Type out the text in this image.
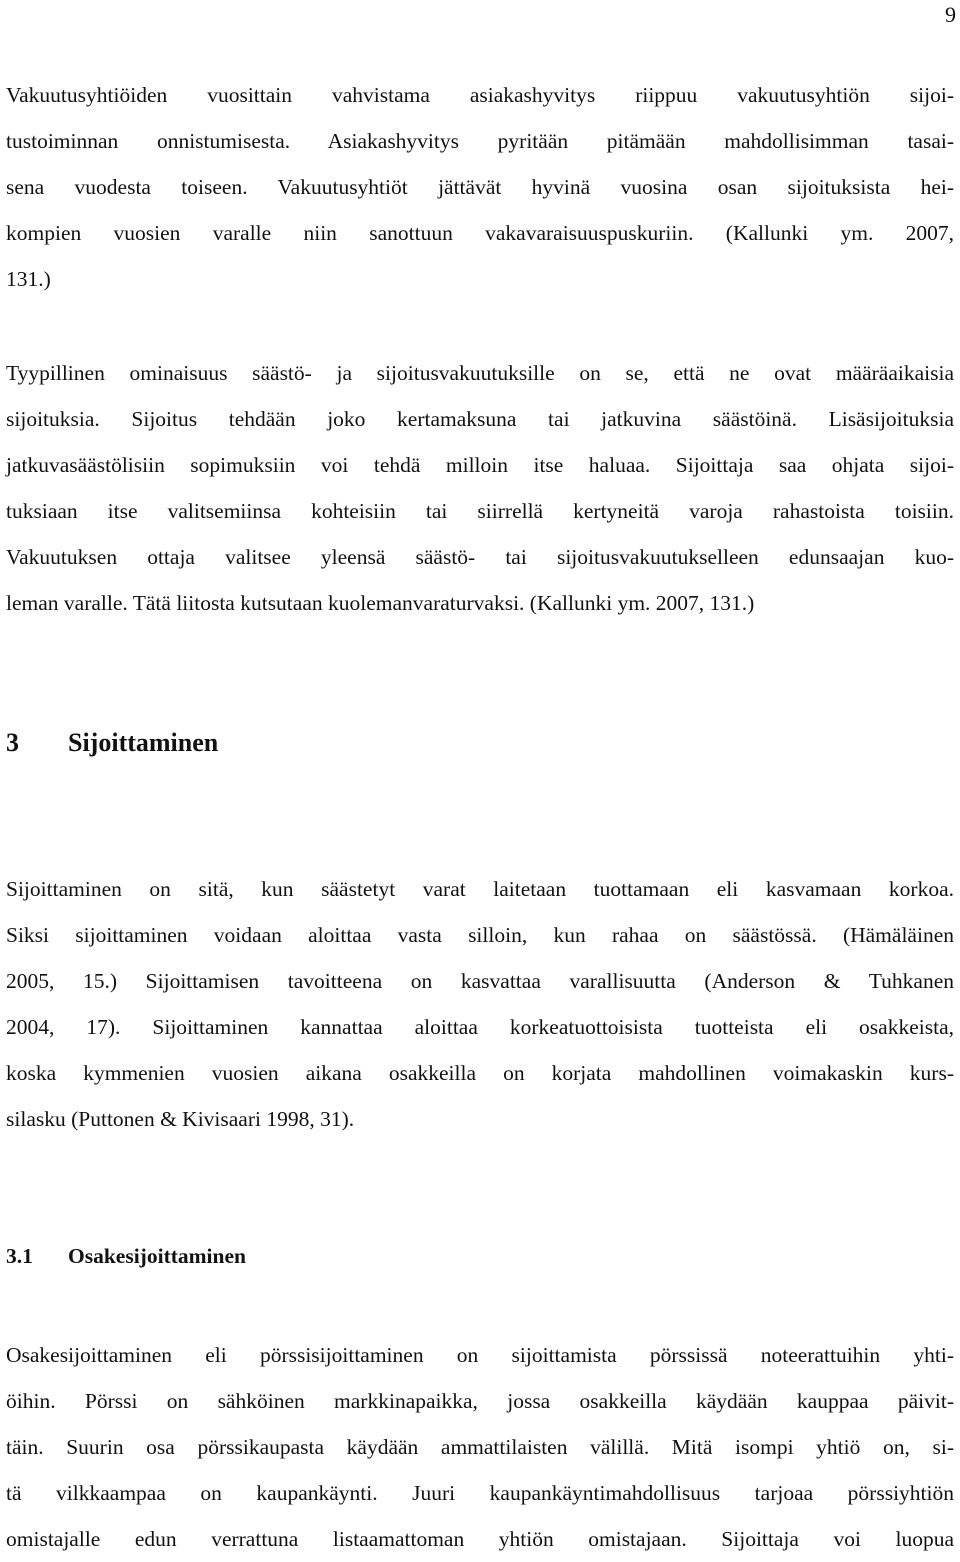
9
Vakuutusyhtiöiden vuosittain vahvistama asiakashyvitys riippuu vakuutusyhtiön sijoi-
tustoiminnan onnistumisesta. Asiakashyvitys pyritään pitämään mahdollisimman tasai-
sena vuodesta toiseen. Vakuutusyhtiöt jättävät hyvinä vuosina osan sijoituksista hei-
kompien vuosien varalle niin sanottuun vakavaraisuuspuskuriin. (Kallunki ym. 2007,
131.)
Tyypillinen ominaisuus säästö- ja sijoitusvakuutuksille on se, että ne ovat määräaikaisia
sijoituksia. Sijoitus tehdään joko kertamaksuna tai jatkuvina säästöinä. Lisäsijoituksia
jatkuvasäästölisiin sopimuksiin voi tehdä milloin itse haluaa. Sijoittaja saa ohjata sijoi-
tuksiaan itse valitsemiinsa kohteisiin tai siirrellä kertyneitä varoja rahastoista toisiin.
Vakuutuksen ottaja valitsee yleensä säästö- tai sijoitusvakuutukselleen edunsaajan kuo-
leman varalle. Tätä liitosta kutsutaan kuolemanvaraturvaksi. (Kallunki ym. 2007, 131.)
3 Sijoittaminen
Sijoittaminen on sitä, kun säästetyt varat laitetaan tuottamaan eli kasvamaan korkoa.
Siksi sijoittaminen voidaan aloittaa vasta silloin, kun rahaa on säästössä. (Hämäläinen
2005, 15.) Sijoittamisen tavoitteena on kasvattaa varallisuutta (Anderson & Tuhkanen
2004, 17). Sijoittaminen kannattaa aloittaa korkeatuottoisista tuotteista eli osakkeista,
koska kymmenien vuosien aikana osakkeilla on korjata mahdollinen voimakaskin kurs-
silasku (Puttonen & Kivisaari 1998, 31).
3.1 Osakesijoittaminen
Osakesijoittaminen eli pörssisijoittaminen on sijoittamista pörssissä noteerattuihin yhti-
öihin. Pörssi on sähköinen markkinapaikka, jossa osakkeilla käydään kauppaa päivit-
täin. Suurin osa pörssikaupasta käydään ammattilaisten välillä. Mitä isompi yhtiö on, si-
tä vilkkaampaa on kaupankäynti. Juuri kaupankäyntimahdollisuus tarjoaa pörssiyhtiön
omistajalle edun verrattuna listaamattoman yhtiön omistajaan. Sijoittaja voi luopua
